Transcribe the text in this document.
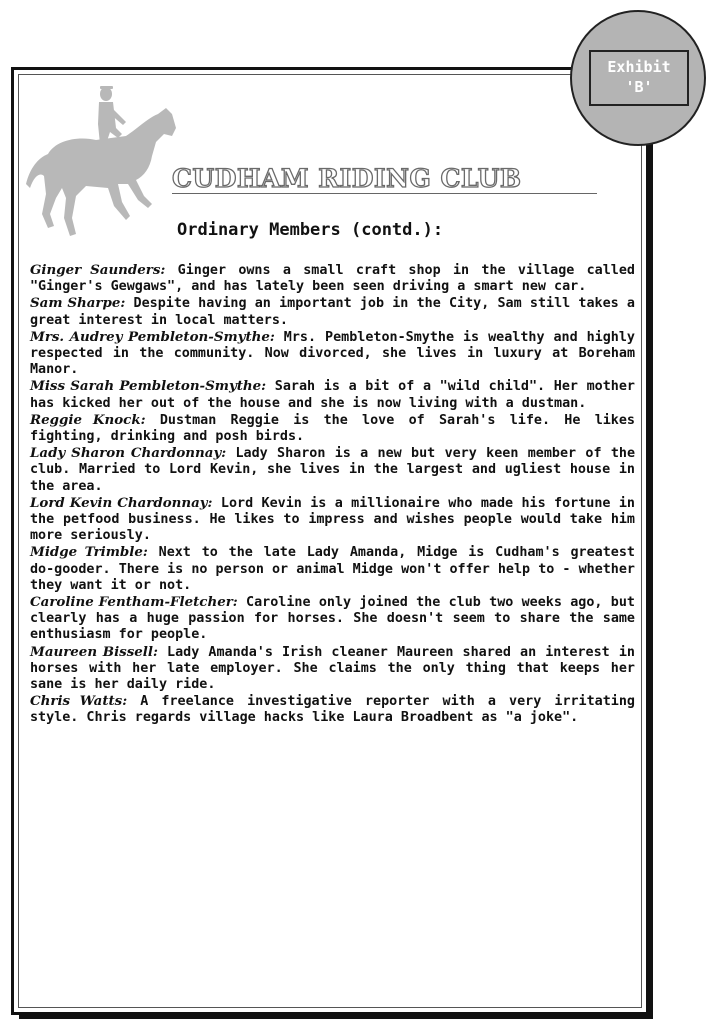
Exhibit
'B'
CUDHAM RIDING CLUB
Ordinary Members (contd.):

Ginger Saunders: Ginger owns a small craft shop in the village called "Ginger's Gewgaws", and has lately been seen driving a smart new car.

Sam Sharpe: Despite having an important job in the City, Sam still takes a great interest in local matters.

Mrs. Audrey Pembleton-Smythe: Mrs. Pembleton-Smythe is wealthy and highly respected in the community. Now divorced, she lives in luxury at Boreham Manor.

Miss Sarah Pembleton-Smythe: Sarah is a bit of a "wild child". Her mother has kicked her out of the house and she is now living with a dustman.

Reggie Knock: Dustman Reggie is the love of Sarah's life. He likes fighting, drinking and posh birds.

Lady Sharon Chardonnay: Lady Sharon is a new but very keen member of the club. Married to Lord Kevin, she lives in the largest and ugliest house in the area.

Lord Kevin Chardonnay: Lord Kevin is a millionaire who made his fortune in the petfood business. He likes to impress and wishes people would take him more seriously.

Midge Trimble: Next to the late Lady Amanda, Midge is Cudham's greatest do-gooder. There is no person or animal Midge won't offer help to - whether they want it or not.

Caroline Fentham-Fletcher: Caroline only joined the club two weeks ago, but clearly has a huge passion for horses. She doesn't seem to share the same enthusiasm for people.

Maureen Bissell: Lady Amanda's Irish cleaner Maureen shared an interest in horses with her late employer. She claims the only thing that keeps her sane is her daily ride.

Chris Watts: A freelance investigative reporter with a very irritating style. Chris regards village hacks like Laura Broadbent as "a joke".
